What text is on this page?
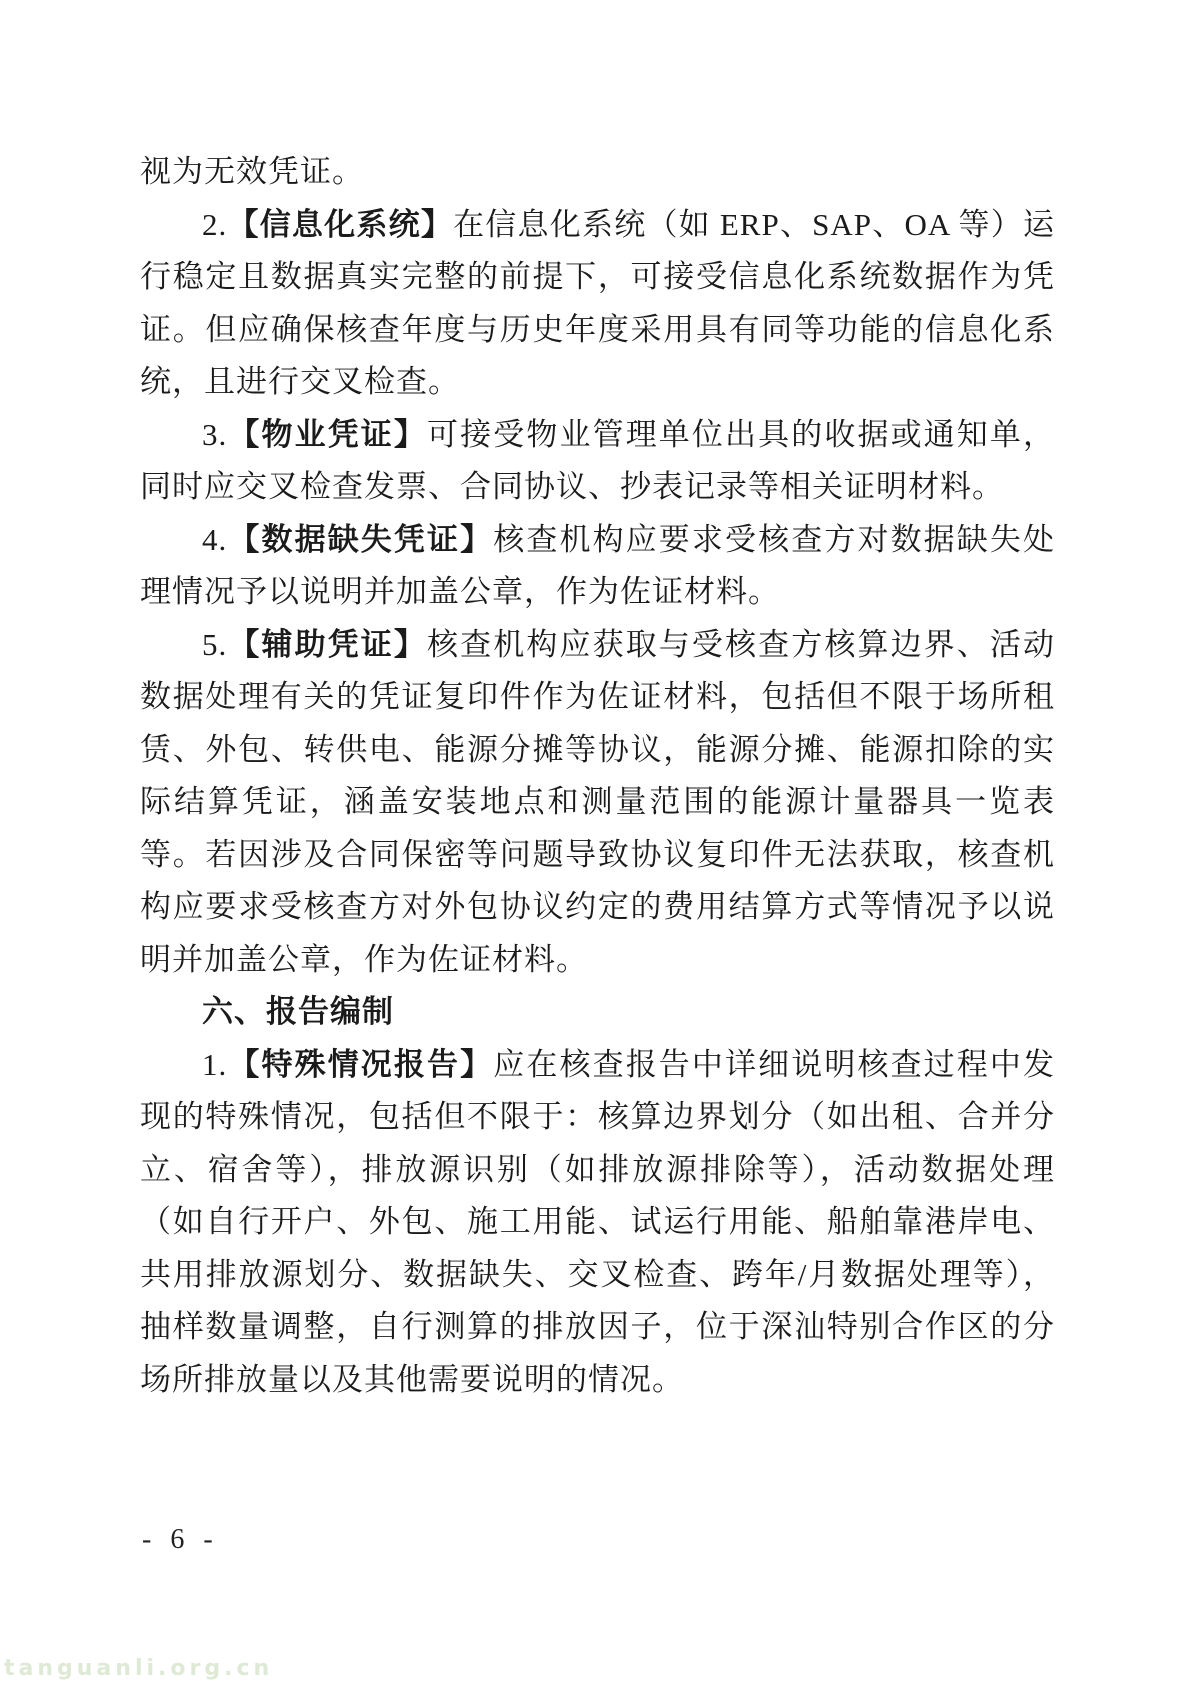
视为无效凭证。

2.【信息化系统】在信息化系统（如 ERP、SAP、OA 等）运行稳定且数据真实完整的前提下，可接受信息化系统数据作为凭证。但应确保核查年度与历史年度采用具有同等功能的信息化系统，且进行交叉检查。

3.【物业凭证】可接受物业管理单位出具的收据或通知单，同时应交叉检查发票、合同协议、抄表记录等相关证明材料。

4.【数据缺失凭证】核查机构应要求受核查方对数据缺失处理情况予以说明并加盖公章，作为佐证材料。

5.【辅助凭证】核查机构应获取与受核查方核算边界、活动数据处理有关的凭证复印件作为佐证材料，包括但不限于场所租赁、外包、转供电、能源分摊等协议，能源分摊、能源扣除的实际结算凭证，涵盖安装地点和测量范围的能源计量器具一览表等。若因涉及合同保密等问题导致协议复印件无法获取，核查机构应要求受核查方对外包协议约定的费用结算方式等情况予以说明并加盖公章，作为佐证材料。

六、报告编制

1.【特殊情况报告】应在核查报告中详细说明核查过程中发现的特殊情况，包括但不限于：核算边界划分（如出租、合并分立、宿舍等），排放源识别（如排放源排除等），活动数据处理（如自行开户、外包、施工用能、试运行用能、船舶靠港岸电、共用排放源划分、数据缺失、交叉检查、跨年/月数据处理等），抽样数量调整，自行测算的排放因子，位于深汕特别合作区的分场所排放量以及其他需要说明的情况。

- 6 -
tanguanli.org.cn
